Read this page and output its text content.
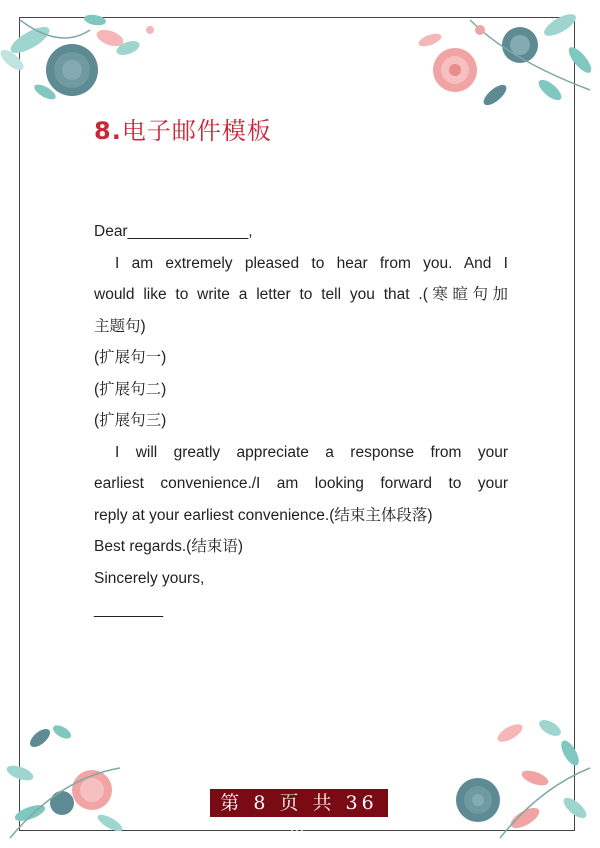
8.电子邮件模板

Dear______________,

I am extremely pleased to hear from you. And I

would like to write a letter to tell you that .(寒暄句加

主题句)

(扩展句一)

(扩展句二)

(扩展句三)

I will greatly appreciate a response from your

earliest convenience./I am looking forward to your

reply at your earliest convenience.(结束主体段落)

Best regards.(结束语)

Sincerely yours,

________

第 8 页 共 36 页
